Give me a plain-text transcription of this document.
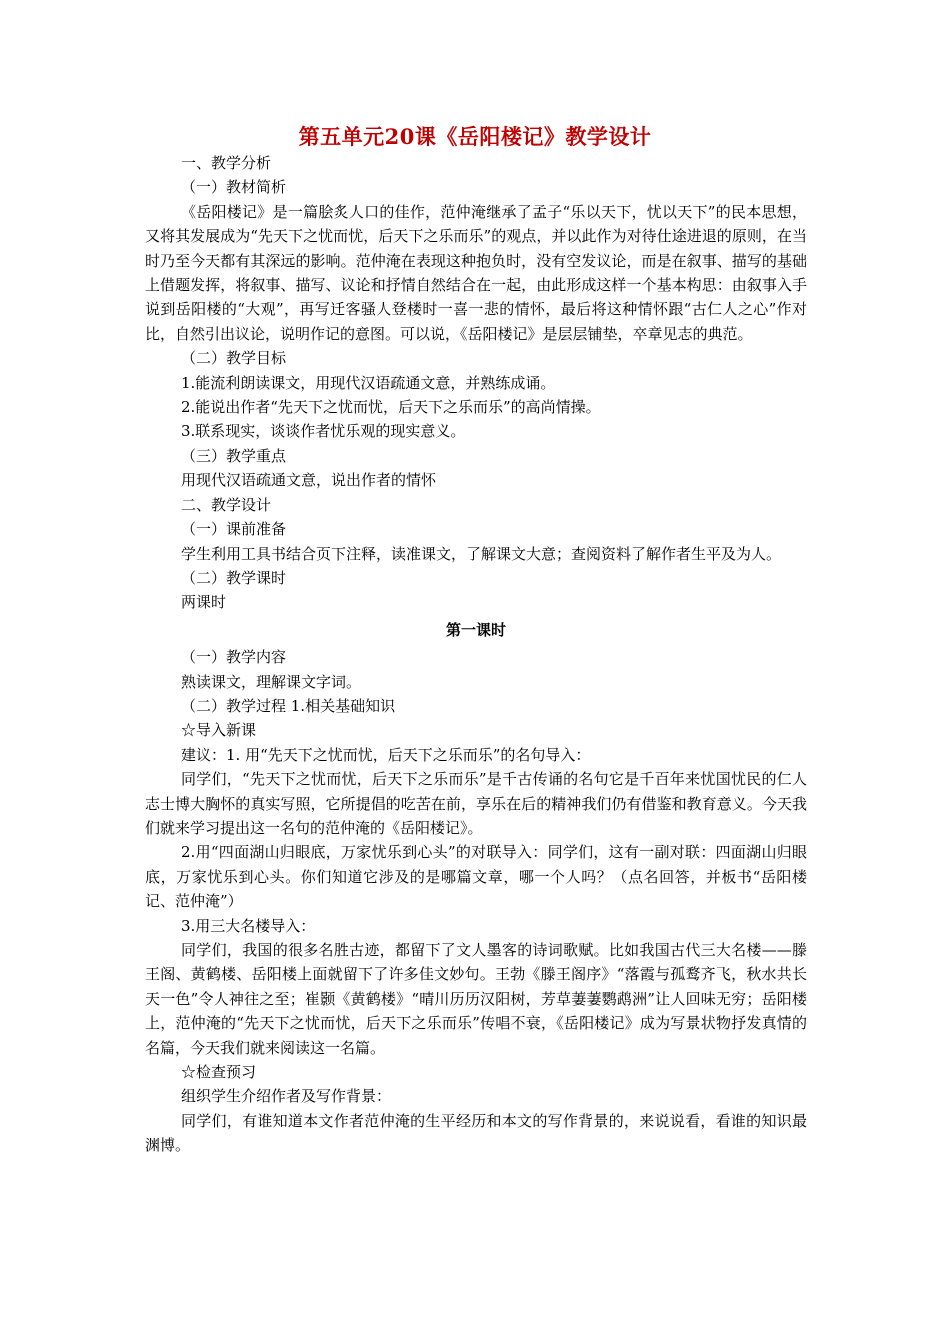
第五单元20课《岳阳楼记》教学设计

一、教学分析

（一）教材简析

《岳阳楼记》是一篇脍炙人口的佳作，范仲淹继承了孟子“乐以天下，忧以天下”的民本思想，又将其发展成为“先天下之忧而忧，后天下之乐而乐”的观点，并以此作为对待仕途进退的原则，在当时乃至今天都有其深远的影响。范仲淹在表现这种抱负时，没有空发议论，而是在叙事、描写的基础上借题发挥，将叙事、描写、议论和抒情自然结合在一起，由此形成这样一个基本构思：由叙事入手说到岳阳楼的“大观”，再写迁客骚人登楼时一喜一悲的情怀，最后将这种情怀跟“古仁人之心”作对比，自然引出议论，说明作记的意图。可以说，《岳阳楼记》是层层铺垫，卒章见志的典范。

（二）教学目标

1.能流利朗读课文，用现代汉语疏通文意，并熟练成诵。

2.能说出作者“先天下之忧而忧，后天下之乐而乐”的高尚情操。

3.联系现实，谈谈作者忧乐观的现实意义。

（三）教学重点

用现代汉语疏通文意，说出作者的情怀

二、教学设计

（一）课前准备

学生利用工具书结合页下注释，读准课文，了解课文大意；查阅资料了解作者生平及为人。

（二）教学课时

两课时

第一课时

（一）教学内容

熟读课文，理解课文字词。

（二）教学过程 1.相关基础知识

☆导入新课

建议：1. 用“先天下之忧而忧，后天下之乐而乐”的名句导入：

同学们，“先天下之忧而忧，后天下之乐而乐”是千古传诵的名句它是千百年来忧国忧民的仁人志士博大胸怀的真实写照，它所提倡的吃苦在前，享乐在后的精神我们仍有借鉴和教育意义。今天我们就来学习提出这一名句的范仲淹的《岳阳楼记》。

2.用“四面湖山归眼底，万家忧乐到心头”的对联导入：同学们，这有一副对联：四面湖山归眼底，万家忧乐到心头。你们知道它涉及的是哪篇文章，哪一个人吗？（点名回答，并板书“岳阳楼记、范仲淹”）

3.用三大名楼导入：

同学们，我国的很多名胜古迹，都留下了文人墨客的诗词歌赋。比如我国古代三大名楼——滕王阁、黄鹤楼、岳阳楼上面就留下了许多佳文妙句。王勃《滕王阁序》“落霞与孤鹜齐飞，秋水共长天一色”令人神往之至；崔颢《黄鹤楼》“晴川历历汉阳树，芳草萋萋鹦鹉洲”让人回味无穷；岳阳楼上，范仲淹的“先天下之忧而忧，后天下之乐而乐”传唱不衰，《岳阳楼记》成为写景状物抒发真情的名篇，今天我们就来阅读这一名篇。

☆检查预习

组织学生介绍作者及写作背景：

同学们，有谁知道本文作者范仲淹的生平经历和本文的写作背景的，来说说看，看谁的知识最渊博。
